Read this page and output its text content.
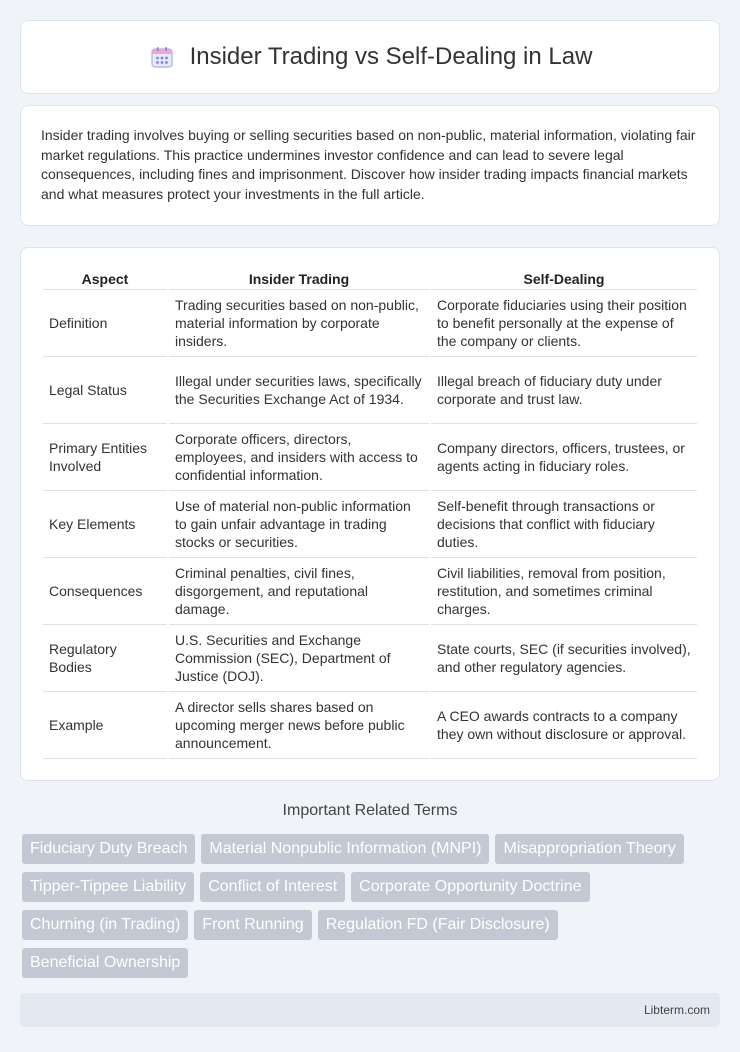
Insider Trading vs Self-Dealing in Law

Insider trading involves buying or selling securities based on non-public, material information, violating fair market regulations. This practice undermines investor confidence and can lead to severe legal consequences, including fines and imprisonment. Discover how insider trading impacts financial markets and what measures protect your investments in the full article.

Aspect	Insider Trading	Self-Dealing
Definition	Trading securities based on non-public, material information by corporate insiders.	Corporate fiduciaries using their position to benefit personally at the expense of the company or clients.
Legal Status	Illegal under securities laws, specifically the Securities Exchange Act of 1934.	Illegal breach of fiduciary duty under corporate and trust law.
Primary Entities Involved	Corporate officers, directors, employees, and insiders with access to confidential information.	Company directors, officers, trustees, or agents acting in fiduciary roles.
Key Elements	Use of material non-public information to gain unfair advantage in trading stocks or securities.	Self-benefit through transactions or decisions that conflict with fiduciary duties.
Consequences	Criminal penalties, civil fines, disgorgement, and reputational damage.	Civil liabilities, removal from position, restitution, and sometimes criminal charges.
Regulatory Bodies	U.S. Securities and Exchange Commission (SEC), Department of Justice (DOJ).	State courts, SEC (if securities involved), and other regulatory agencies.
Example	A director sells shares based on upcoming merger news before public announcement.	A CEO awards contracts to a company they own without disclosure or approval.
Important Related Terms
Fiduciary Duty Breach	Material Nonpublic Information (MNPI)	Misappropriation Theory
Tipper-Tippee Liability	Conflict of Interest	Corporate Opportunity Doctrine
Churning (in Trading)	Front Running	Regulation FD (Fair Disclosure)
Beneficial Ownership
Libterm.com
